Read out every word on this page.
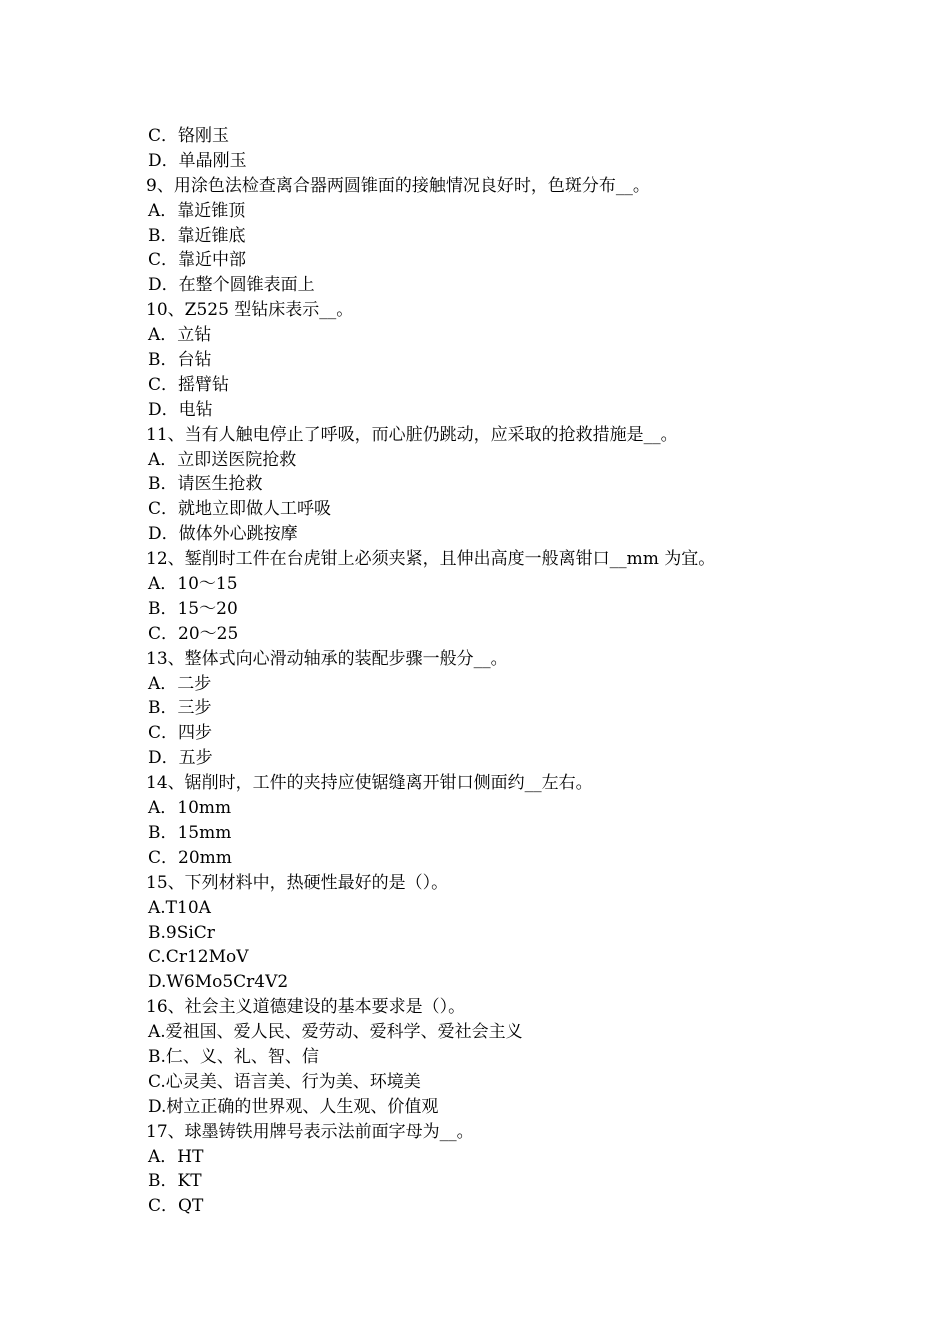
C．铬刚玉
D．单晶刚玉
9、用涂色法检查离合器两圆锥面的接触情况良好时，色斑分布__。
A．靠近锥顶
B．靠近锥底
C．靠近中部
D．在整个圆锥表面上
10、Z525 型钻床表示__。
A．立钻
B．台钻
C．摇臂钻
D．电钻
11、当有人触电停止了呼吸，而心脏仍跳动，应采取的抢救措施是__。
A．立即送医院抢救
B．请医生抢救
C．就地立即做人工呼吸
D．做体外心跳按摩
12、錾削时工件在台虎钳上必须夹紧，且伸出高度一般离钳口__mm 为宜。
A．10～15
B．15～20
C．20～25
13、整体式向心滑动轴承的装配步骤一般分__。
A．二步
B．三步
C．四步
D．五步
14、锯削时，工件的夹持应使锯缝离开钳口侧面约__左右。
A．10mm
B．15mm
C．20mm
15、下列材料中，热硬性最好的是（）。
A.T10A
B.9SiCr
C.Cr12MoV
D.W6Mo5Cr4V2
16、社会主义道德建设的基本要求是（）。
A.爱祖国、爱人民、爱劳动、爱科学、爱社会主义
B.仁、义、礼、智、信
C.心灵美、语言美、行为美、环境美
D.树立正确的世界观、人生观、价值观
17、球墨铸铁用牌号表示法前面字母为__。
A．HT
B．KT
C．QT
